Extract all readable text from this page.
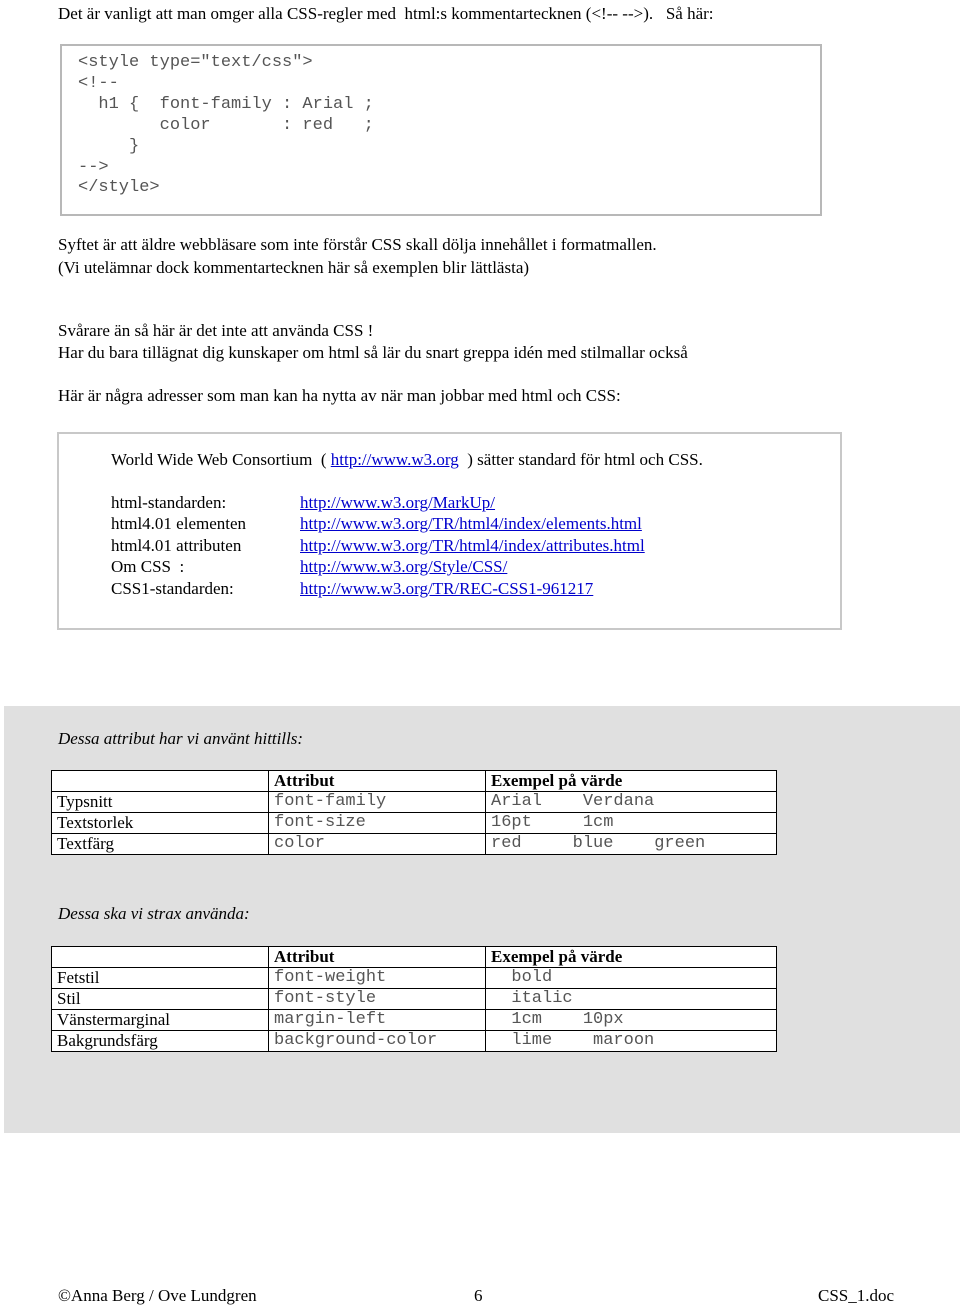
Det är vanligt att man omger alla CSS-regler med  html:s kommentartecknen (<!-- -->).   Så här:
<style type="text/css">
<!--
h1 {  font-family : Arial ;
color       : red   ;
}
-->
</style>
Syftet är att äldre webbläsare som inte förstår CSS skall dölja innehållet i formatmallen.
(Vi utelämnar dock kommentartecknen här så exemplen blir lättlästa)
Svårare än så här är det inte att använda CSS !
Har du bara tillägnat dig kunskaper om html så lär du snart greppa idén med stilmallar också
Här är några adresser som man kan ha nytta av när man jobbar med html och CSS:
World Wide Web Consortium  ( http://www.w3.org  ) sätter standard för html och CSS.
html-standarden:	http://www.w3.org/MarkUp/
html4.01 elementen	http://www.w3.org/TR/html4/index/elements.html
html4.01 attributen	http://www.w3.org/TR/html4/index/attributes.html
Om CSS  :	http://www.w3.org/Style/CSS/
CSS1-standarden:	http://www.w3.org/TR/REC-CSS1-961217
Dessa attribut har vi använt hittills:
	Attribut	Exempel på värde
Typsnitt	font-family	Arial    Verdana
Textstorlek	font-size	16pt     1cm
Textfärg	color	red     blue    green
Dessa ska vi strax använda:
	Attribut	Exempel på värde
Fetstil	font-weight	bold
Stil	font-style	italic
Vänstermarginal	margin-left	1cm    10px
Bakgrundsfärg	background-color	lime    maroon
©Anna Berg / Ove Lundgren	6	CSS_1.doc
